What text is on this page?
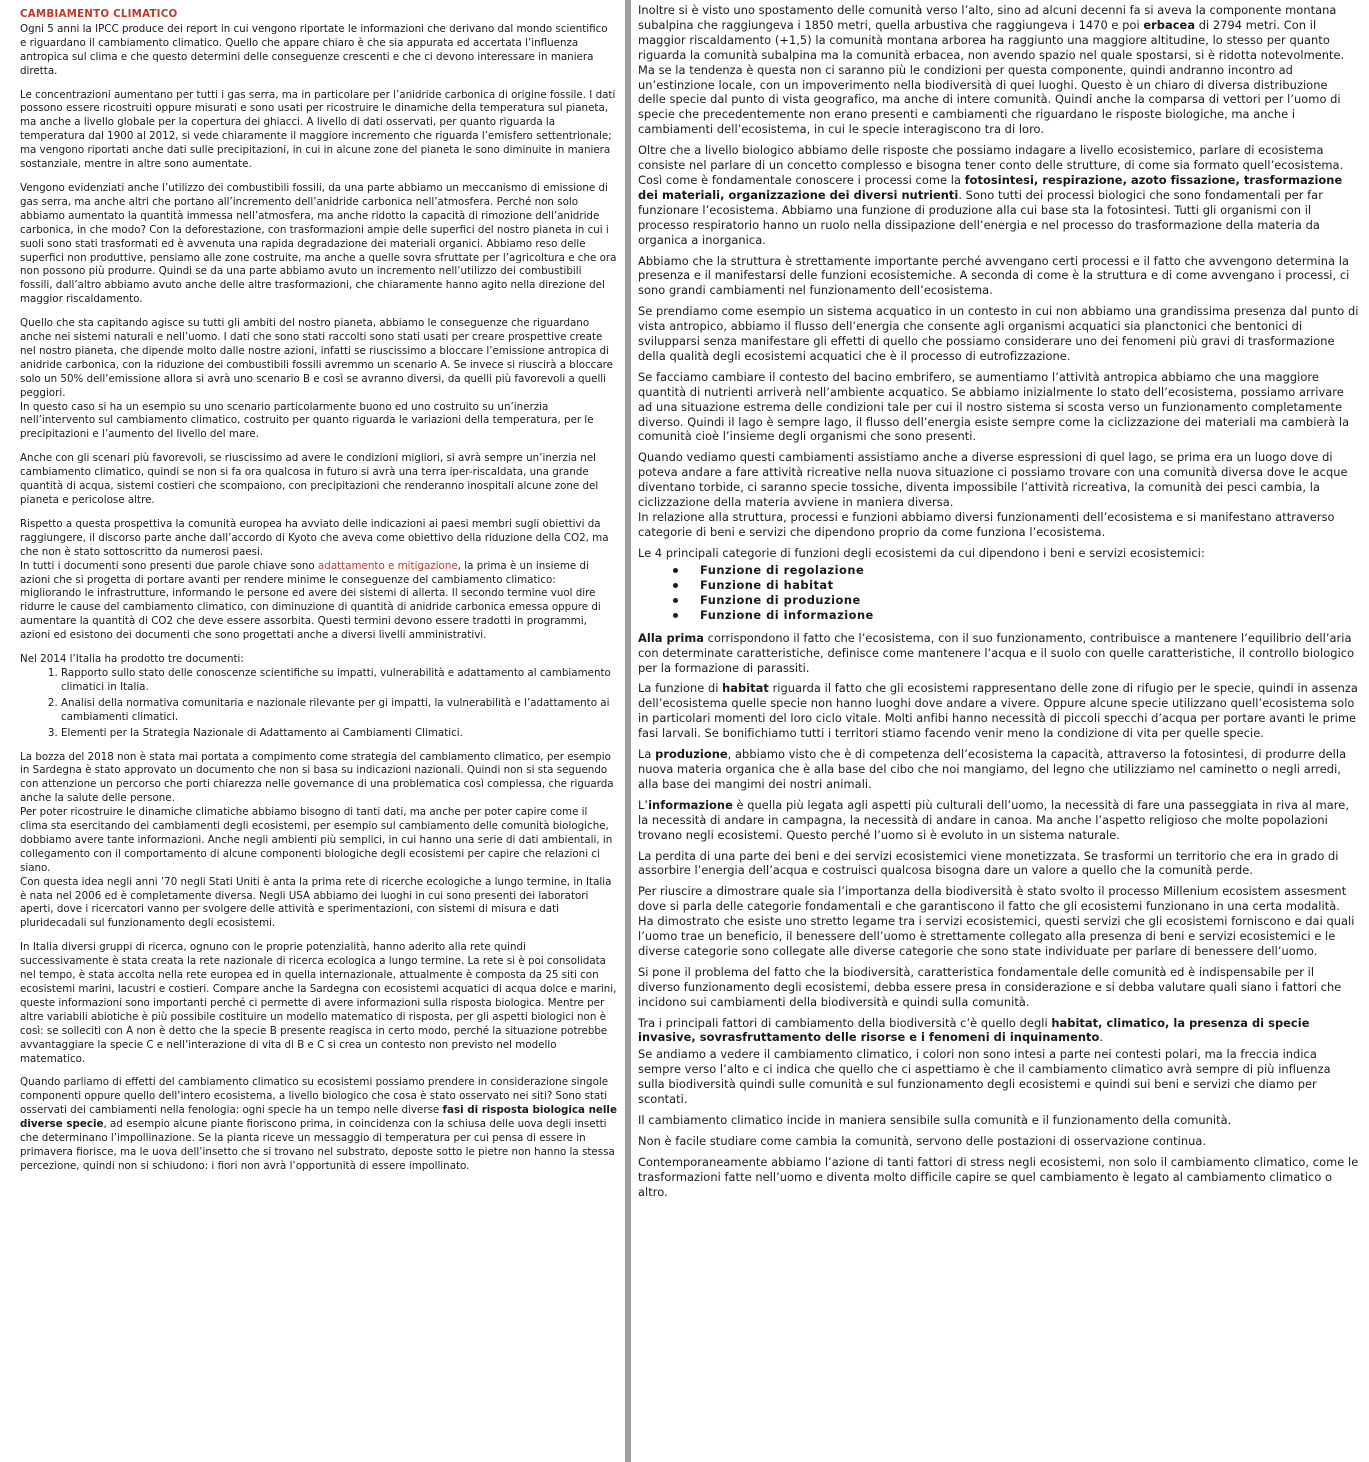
CAMBIAMENTO CLIMATICO

Ogni 5 anni la IPCC produce dei report in cui vengono riportate le informazioni che derivano dal mondo scientifico e riguardano il cambiamento climatico. Quello che appare chiaro è che sia appurata ed accertata l’influenza antropica sul clima e che questo determini delle conseguenze crescenti e che ci devono interessare in maniera diretta.

Le concentrazioni aumentano per tutti i gas serra, ma in particolare per l’anidride carbonica di origine fossile. I dati possono essere ricostruiti oppure misurati e sono usati per ricostruire le dinamiche della temperatura sul pianeta, ma anche a livello globale per la copertura dei ghiacci. A livello di dati osservati, per quanto riguarda la temperatura dal 1900 al 2012, si vede chiaramente il maggiore incremento che riguarda l’emisfero settentrionale; ma vengono riportati anche dati sulle precipitazioni, in cui in alcune zone del pianeta le sono diminuite in maniera sostanziale, mentre in altre sono aumentate.

Vengono evidenziati anche l’utilizzo dei combustibili fossili, da una parte abbiamo un meccanismo di emissione di gas serra, ma anche altri che portano all’incremento dell’anidride carbonica nell’atmosfera. Perché non solo abbiamo aumentato la quantità immessa nell’atmosfera, ma anche ridotto la capacità di rimozione dell’anidride carbonica, in che modo? Con la deforestazione, con trasformazioni ampie delle superfici del nostro pianeta in cui i suoli sono stati trasformati ed è avvenuta una rapida degradazione dei materiali organici. Abbiamo reso delle superfici non produttive, pensiamo alle zone costruite, ma anche a quelle sovra sfruttate per l’agricoltura e che ora non possono più produrre. Quindi se da una parte abbiamo avuto un incremento nell’utilizzo dei combustibili fossili, dall’altro abbiamo avuto anche delle altre trasformazioni, che chiaramente hanno agito nella direzione del maggior riscaldamento.

Quello che sta capitando agisce su tutti gli ambiti del nostro pianeta, abbiamo le conseguenze che riguardano anche nei sistemi naturali e nell’uomo. I dati che sono stati raccolti sono stati usati per creare prospettive create nel nostro pianeta, che dipende molto dalle nostre azioni, infatti se riuscissimo a bloccare l’emissione antropica di anidride carbonica, con la riduzione dei combustibili fossili avremmo un scenario A. Se invece si riuscirà a bloccare solo un 50% dell’emissione allora si avrà uno scenario B e così se avranno diversi, da quelli più favorevoli a quelli peggiori.

In questo caso si ha un esempio su uno scenario particolarmente buono ed uno costruito su un’inerzia nell’intervento sul cambiamento climatico, costruito per quanto riguarda le variazioni della temperatura, per le precipitazioni e l’aumento del livello del mare.

Anche con gli scenari più favorevoli, se riuscissimo ad avere le condizioni migliori, si avrà sempre un’inerzia nel cambiamento climatico, quindi se non si fa ora qualcosa in futuro si avrà una terra iper-riscaldata, una grande quantità di acqua, sistemi costieri che scompaiono, con precipitazioni che renderanno inospitali alcune zone del pianeta e pericolose altre.

Rispetto a questa prospettiva la comunità europea ha avviato delle indicazioni ai paesi membri sugli obiettivi da raggiungere, il discorso parte anche dall’accordo di Kyoto che aveva come obiettivo della riduzione della CO2, ma che non è stato sottoscritto da numerosi paesi.

In tutti i documenti sono presenti due parole chiave sono adattamento e mitigazione, la prima è un insieme di azioni che si progetta di portare avanti per rendere minime le conseguenze del cambiamento climatico: migliorando le infrastrutture, informando le persone ed avere dei sistemi di allerta. Il secondo termine vuol dire ridurre le cause del cambiamento climatico, con diminuzione di quantità di anidride carbonica emessa oppure di aumentare la quantità di CO2 che deve essere assorbita. Questi termini devono essere tradotti in programmi, azioni ed esistono dei documenti che sono progettati anche a diversi livelli amministrativi.

Nel 2014 l’Italia ha prodotto tre documenti:

1. Rapporto sullo stato delle conoscenze scientifiche su impatti, vulnerabilità e adattamento al cambiamento climatici in Italia.
2. Analisi della normativa comunitaria e nazionale rilevante per gi impatti, la vulnerabilità e l’adattamento ai cambiamenti climatici.
3. Elementi per la Strategia Nazionale di Adattamento ai Cambiamenti Climatici.

La bozza del 2018 non è stata mai portata a compimento come strategia del cambiamento climatico, per esempio in Sardegna è stato approvato un documento che non si basa su indicazioni nazionali. Quindi non si sta seguendo con attenzione un percorso che porti chiarezza nelle governance di una problematica così complessa, che riguarda anche la salute delle persone.

Per poter ricostruire le dinamiche climatiche abbiamo bisogno di tanti dati, ma anche per poter capire come il clima sta esercitando dei cambiamenti degli ecosistemi, per esempio sul cambiamento delle comunità biologiche, dobbiamo avere tante informazioni. Anche negli ambienti più semplici, in cui hanno una serie di dati ambientali, in collegamento con il comportamento di alcune componenti biologiche degli ecosistemi per capire che relazioni ci siano.

Con questa idea negli anni ’70 negli Stati Uniti è anta la prima rete di ricerche ecologiche a lungo termine, in Italia è nata nel 2006 ed è completamente diversa. Negli USA abbiamo dei luoghi in cui sono presenti dei laboratori aperti, dove i ricercatori vanno per svolgere delle attività e sperimentazioni, con sistemi di misura e dati pluridecadali sul funzionamento degli ecosistemi.

In Italia diversi gruppi di ricerca, ognuno con le proprie potenzialità, hanno aderito alla rete quindi successivamente è stata creata la rete nazionale di ricerca ecologica a lungo termine. La rete si è poi consolidata nel tempo, è stata accolta nella rete europea ed in quella internazionale, attualmente è composta da 25 siti con ecosistemi marini, lacustri e costieri. Compare anche la Sardegna con ecosistemi acquatici di acqua dolce e marini, queste informazioni sono importanti perché ci permette di avere informazioni sulla risposta biologica. Mentre per altre variabili abiotiche è più possibile costituire un modello matematico di risposta, per gli aspetti biologici non è così: se solleciti con A non è detto che la specie B presente reagisca in certo modo, perché la situazione potrebbe avvantaggiare la specie C e nell’interazione di vita di B e C si crea un contesto non previsto nel modello matematico.

Quando parliamo di effetti del cambiamento climatico su ecosistemi possiamo prendere in considerazione singole componenti oppure quello dell’intero ecosistema, a livello biologico che cosa è stato osservato nei siti? Sono stati osservati dei cambiamenti nella fenologia: ogni specie ha un tempo nelle diverse fasi di risposta biologica nelle diverse specie, ad esempio alcune piante fioriscono prima, in coincidenza con la schiusa delle uova degli insetti che determinano l’impollinazione. Se la pianta riceve un messaggio di temperatura per cui pensa di essere in primavera fiorisce, ma le uova dell’insetto che si trovano nel substrato, deposte sotto le pietre non hanno la stessa percezione, quindi non si schiudono: i fiori non avrà l’opportunità di essere impollinato.

Inoltre si è visto uno spostamento delle comunità verso l’alto, sino ad alcuni decenni fa si aveva la componente montana subalpina che raggiungeva i 1850 metri, quella arbustiva che raggiungeva i 1470 e poi erbacea di 2794 metri. Con il maggior riscaldamento (+1,5) la comunità montana arborea ha raggiunto una maggiore altitudine, lo stesso per quanto riguarda la comunità subalpina ma la comunità erbacea, non avendo spazio nel quale spostarsi, si è ridotta notevolmente. Ma se la tendenza è questa non ci saranno più le condizioni per questa componente, quindi andranno incontro ad un’estinzione locale, con un impoverimento nella biodiversità di quei luoghi. Questo è un chiaro di diversa distribuzione delle specie dal punto di vista geografico, ma anche di intere comunità. Quindi anche la comparsa di vettori per l’uomo di specie che precedentemente non erano presenti e cambiamenti che riguardano le risposte biologiche, ma anche i cambiamenti dell’ecosistema, in cui le specie interagiscono tra di loro.

Oltre che a livello biologico abbiamo delle risposte che possiamo indagare a livello ecosistemico, parlare di ecosistema consiste nel parlare di un concetto complesso e bisogna tener conto delle strutture, di come sia formato quell’ecosistema. Così come è fondamentale conoscere i processi come la fotosintesi, respirazione, azoto fissazione, trasformazione dei materiali, organizzazione dei diversi nutrienti. Sono tutti dei processi biologici che sono fondamentali per far funzionare l’ecosistema. Abbiamo una funzione di produzione alla cui base sta la fotosintesi. Tutti gli organismi con il processo respiratorio hanno un ruolo nella dissipazione dell’energia e nel processo do trasformazione della materia da organica a inorganica.

Abbiamo che la struttura è strettamente importante perché avvengano certi processi e il fatto che avvengono determina la presenza e il manifestarsi delle funzioni ecosistemiche. A seconda di come è la struttura e di come avvengano i processi, ci sono grandi cambiamenti nel funzionamento dell’ecosistema.

Se prendiamo come esempio un sistema acquatico in un contesto in cui non abbiamo una grandissima presenza dal punto di vista antropico, abbiamo il flusso dell’energia che consente agli organismi acquatici sia planctonici che bentonici di svilupparsi senza manifestare gli effetti di quello che possiamo considerare uno dei fenomeni più gravi di trasformazione della qualità degli ecosistemi acquatici che è il processo di eutrofizzazione.

Se facciamo cambiare il contesto del bacino embrifero, se aumentiamo l’attività antropica abbiamo che una maggiore quantità di nutrienti arriverà nell’ambiente acquatico. Se abbiamo inizialmente lo stato dell’ecosistema, possiamo arrivare ad una situazione estrema delle condizioni tale per cui il nostro sistema si scosta verso un funzionamento completamente diverso. Quindi il lago è sempre lago, il flusso dell’energia esiste sempre come la ciclizzazione dei materiali ma cambierà la comunità cioè l’insieme degli organismi che sono presenti.

Quando vediamo questi cambiamenti assistiamo anche a diverse espressioni di quel lago, se prima era un luogo dove di poteva andare a fare attività ricreative nella nuova situazione ci possiamo trovare con una comunità diversa dove le acque diventano torbide, ci saranno specie tossiche, diventa impossibile l’attività ricreativa, la comunità dei pesci cambia, la ciclizzazione della materia avviene in maniera diversa.

In relazione alla struttura, processi e funzioni abbiamo diversi funzionamenti dell’ecosistema e si manifestano attraverso categorie di beni e servizi che dipendono proprio da come funziona l’ecosistema.

Le 4 principali categorie di funzioni degli ecosistemi da cui dipendono i beni e servizi ecosistemici:

Funzione di regolazione
Funzione di habitat
Funzione di produzione
Funzione di informazione

Alla prima corrispondono il fatto che l’ecosistema, con il suo funzionamento, contribuisce a mantenere l’equilibrio dell’aria con determinate caratteristiche, definisce come mantenere l’acqua e il suolo con quelle caratteristiche, il controllo biologico per la formazione di parassiti.

La funzione di habitat riguarda il fatto che gli ecosistemi rappresentano delle zone di rifugio per le specie, quindi in assenza dell’ecosistema quelle specie non hanno luoghi dove andare a vivere. Oppure alcune specie utilizzano quell’ecosistema solo in particolari momenti del loro ciclo vitale. Molti anfibi hanno necessità di piccoli specchi d’acqua per portare avanti le prime fasi larvali. Se bonifichiamo tutti i territori stiamo facendo venir meno la condizione di vita per quelle specie.

La produzione, abbiamo visto che è di competenza dell’ecosistema la capacità, attraverso la fotosintesi, di produrre della nuova materia organica che è alla base del cibo che noi mangiamo, del legno che utilizziamo nel caminetto o negli arredi, alla base dei mangimi dei nostri animali.

L’informazione è quella più legata agli aspetti più culturali dell’uomo, la necessità di fare una passeggiata in riva al mare, la necessità di andare in campagna, la necessità di andare in canoa. Ma anche l’aspetto religioso che molte popolazioni trovano negli ecosistemi. Questo perché l’uomo si è evoluto in un sistema naturale.

La perdita di una parte dei beni e dei servizi ecosistemici viene monetizzata. Se trasformi un territorio che era in grado di assorbire l’energia dell’acqua e costruisci qualcosa bisogna dare un valore a quello che la comunità perde.

Per riuscire a dimostrare quale sia l’importanza della biodiversità è stato svolto il processo Millenium ecosistem assesment dove si parla delle categorie fondamentali e che garantiscono il fatto che gli ecosistemi funzionano in una certa modalità. Ha dimostrato che esiste uno stretto legame tra i servizi ecosistemici, questi servizi che gli ecosistemi forniscono e dai quali l’uomo trae un beneficio, il benessere dell’uomo è strettamente collegato alla presenza di beni e servizi ecosistemici e le diverse categorie sono collegate alle diverse categorie che sono state individuate per parlare di benessere dell’uomo.

Si pone il problema del fatto che la biodiversità, caratteristica fondamentale delle comunità ed è indispensabile per il diverso funzionamento degli ecosistemi, debba essere presa in considerazione e si debba valutare quali siano i fattori che incidono sui cambiamenti della biodiversità e quindi sulla comunità.

Tra i principali fattori di cambiamento della biodiversità c’è quello degli habitat, climatico, la presenza di specie invasive, sovrasfruttamento delle risorse e i fenomeni di inquinamento.

Se andiamo a vedere il cambiamento climatico, i colori non sono intesi a parte nei contesti polari, ma la freccia indica sempre verso l’alto e ci indica che quello che ci aspettiamo è che il cambiamento climatico avrà sempre di più influenza sulla biodiversità quindi sulle comunità e sul funzionamento degli ecosistemi e quindi sui beni e servizi che diamo per scontati.

Il cambiamento climatico incide in maniera sensibile sulla comunità e il funzionamento della comunità.

Non è facile studiare come cambia la comunità, servono delle postazioni di osservazione continua.

Contemporaneamente abbiamo l’azione di tanti fattori di stress negli ecosistemi, non solo il cambiamento climatico, come le trasformazioni fatte nell’uomo e diventa molto difficile capire se quel cambiamento è legato al cambiamento climatico o altro.
